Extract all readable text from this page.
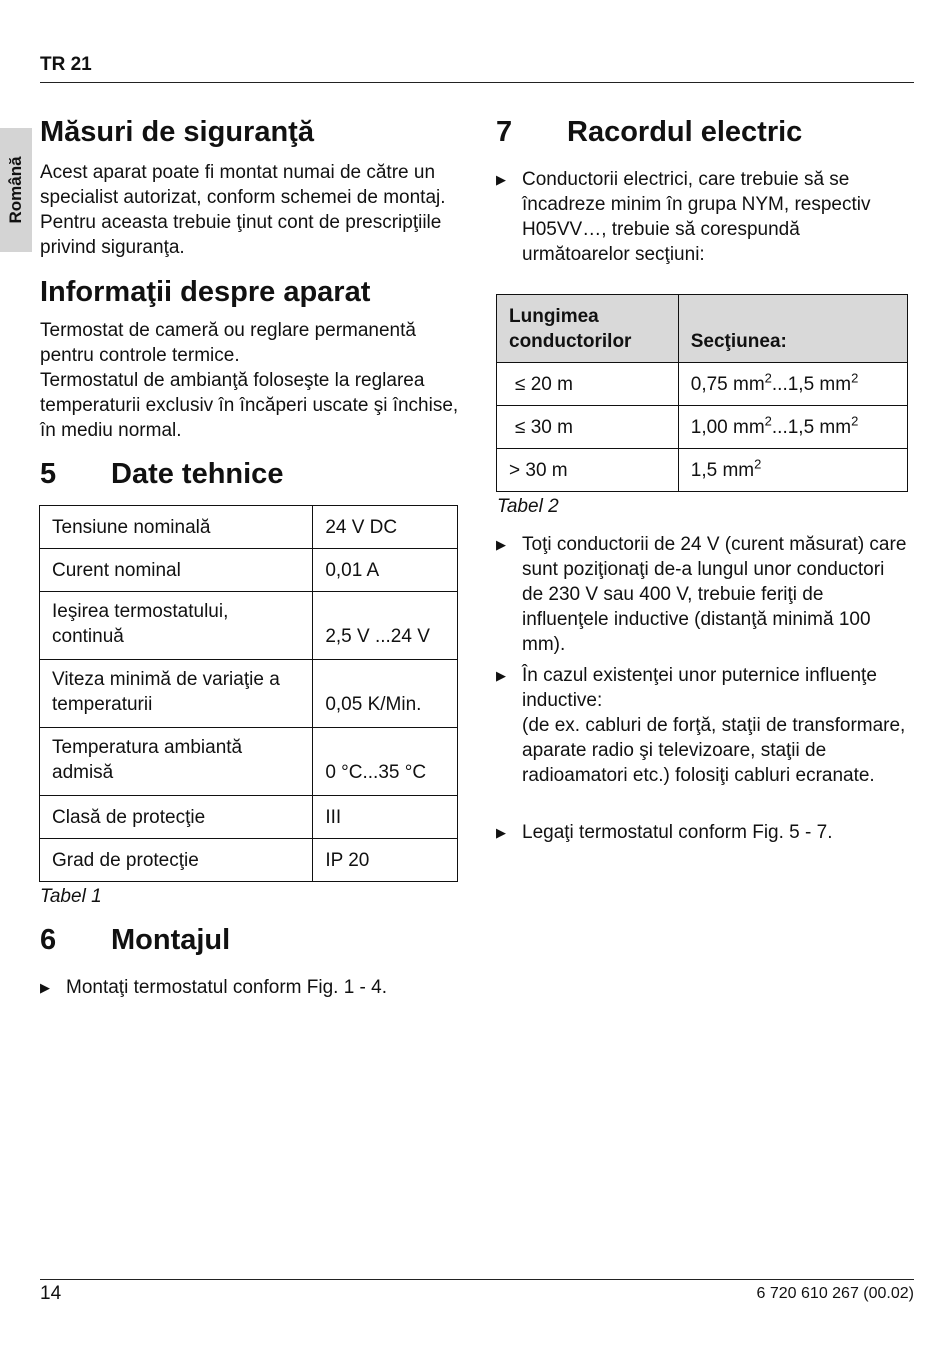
TR 21
Română
Măsuri de siguranţă

Acest aparat poate fi montat numai de către un specialist autorizat, conform schemei de montaj. Pentru aceasta trebuie ţinut cont de prescripţiile privind siguranţa.

Informaţii despre aparat

Termostat de cameră ou reglare permanentă pentru controle termice.

Termostatul de ambianţă foloseşte la reglarea temperaturii exclusiv în încăperi uscate şi închise, în mediu normal.

5 Date tehnice
Tensiune nominală	24 V DC
Curent nominal	0,01 A
Ieşirea termostatului, continuă	2,5 V ...24 V
Viteza minimă de variaţie a temperaturii	0,05 K/Min.
Temperatura ambiantă admisă	0 °C...35 °C
Clasă de protecţie	III
Grad de protecţie	IP 20
Tabel 1
6 Montajul
▶ Montaţi termostatul conform Fig. 1 - 4.
7 Racordul electric
▶ Conductorii electrici, care trebuie să se încadreze minim în grupa NYM, respectiv H05VV…, trebuie să corespundă următoarelor secţiuni:
Lungimea conductorilor	Secţiunea:
≤ 20 m	0,75 $mm^2...1,5$ $mm^2$
≤ 30 m	1,00 $mm^2...1,5$ $mm^2$
> 30 m	1,5 $mm^2$
Tabel 2
▶ Toţi conductorii de 24 V (curent măsurat) care sunt poziţionaţi de-a lungul unor conductori de 230 V sau 400 V, trebuie feriţi de influenţele inductive (distanţă minimă 100 mm).
▶ În cazul existenţei unor puternice influenţe inductive:
(de ex. cabluri de forţă, staţii de transformare, aparate radio şi televizoare, staţii de radioamatori etc.) folosiţi cabluri ecranate.
▶ Legaţi termostatul conform Fig. 5 - 7.
14	6 720 610 267 (00.02)
